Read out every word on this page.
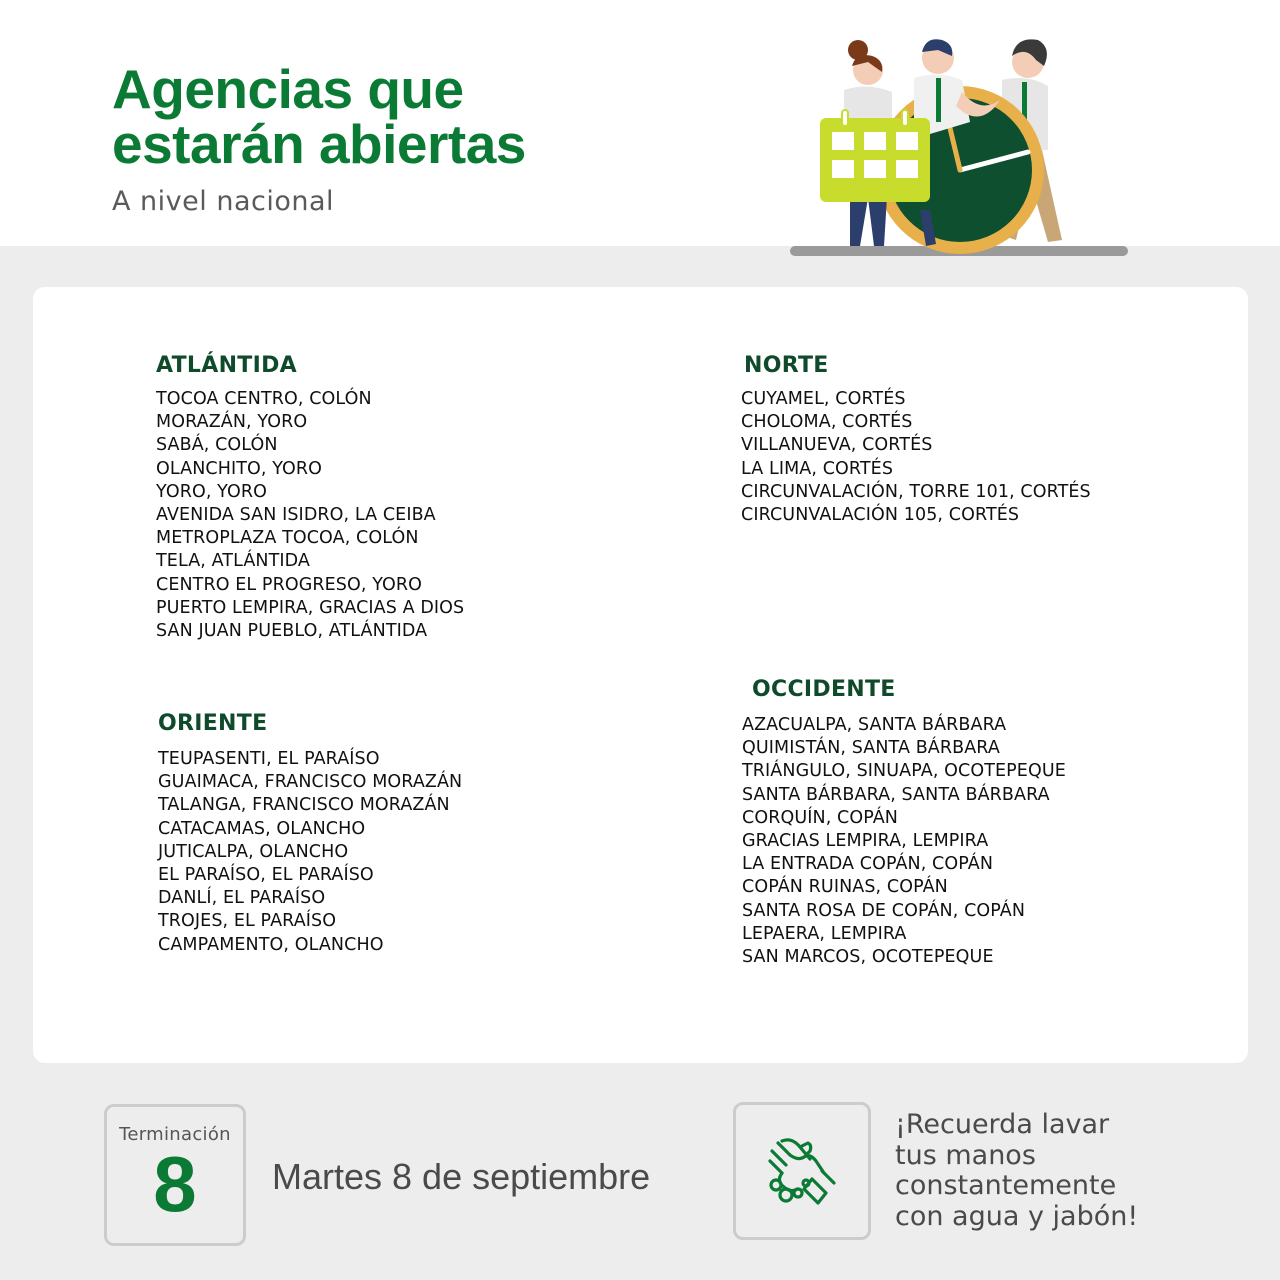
Agencias que
estarán abiertas
A nivel nacional
ATLÁNTIDA
TOCOA CENTRO, COLÓN
MORAZÁN, YORO
SABÁ, COLÓN
OLANCHITO, YORO
YORO, YORO
AVENIDA SAN ISIDRO, LA CEIBA
METROPLAZA TOCOA, COLÓN
TELA, ATLÁNTIDA
CENTRO EL PROGRESO, YORO
PUERTO LEMPIRA, GRACIAS A DIOS
SAN JUAN PUEBLO, ATLÁNTIDA
ORIENTE
TEUPASENTI, EL PARAÍSO
GUAIMACA, FRANCISCO MORAZÁN
TALANGA, FRANCISCO MORAZÁN
CATACAMAS, OLANCHO
JUTICALPA, OLANCHO
EL PARAÍSO, EL PARAÍSO
DANLÍ, EL PARAÍSO
TROJES, EL PARAÍSO
CAMPAMENTO, OLANCHO
NORTE
CUYAMEL, CORTÉS
CHOLOMA, CORTÉS
VILLANUEVA, CORTÉS
LA LIMA, CORTÉS
CIRCUNVALACIÓN, TORRE 101, CORTÉS
CIRCUNVALACIÓN 105, CORTÉS
OCCIDENTE
AZACUALPA, SANTA BÁRBARA
QUIMISTÁN, SANTA BÁRBARA
TRIÁNGULO, SINUAPA, OCOTEPEQUE
SANTA BÁRBARA, SANTA BÁRBARA
CORQUÍN, COPÁN
GRACIAS LEMPIRA, LEMPIRA
LA ENTRADA COPÁN, COPÁN
COPÁN RUINAS, COPÁN
SANTA ROSA DE COPÁN, COPÁN
LEPAERA, LEMPIRA
SAN MARCOS, OCOTEPEQUE
Terminación
8	Martes 8 de septiembre
¡Recuerda lavar
tus manos
constantemente
con agua y jabón!
